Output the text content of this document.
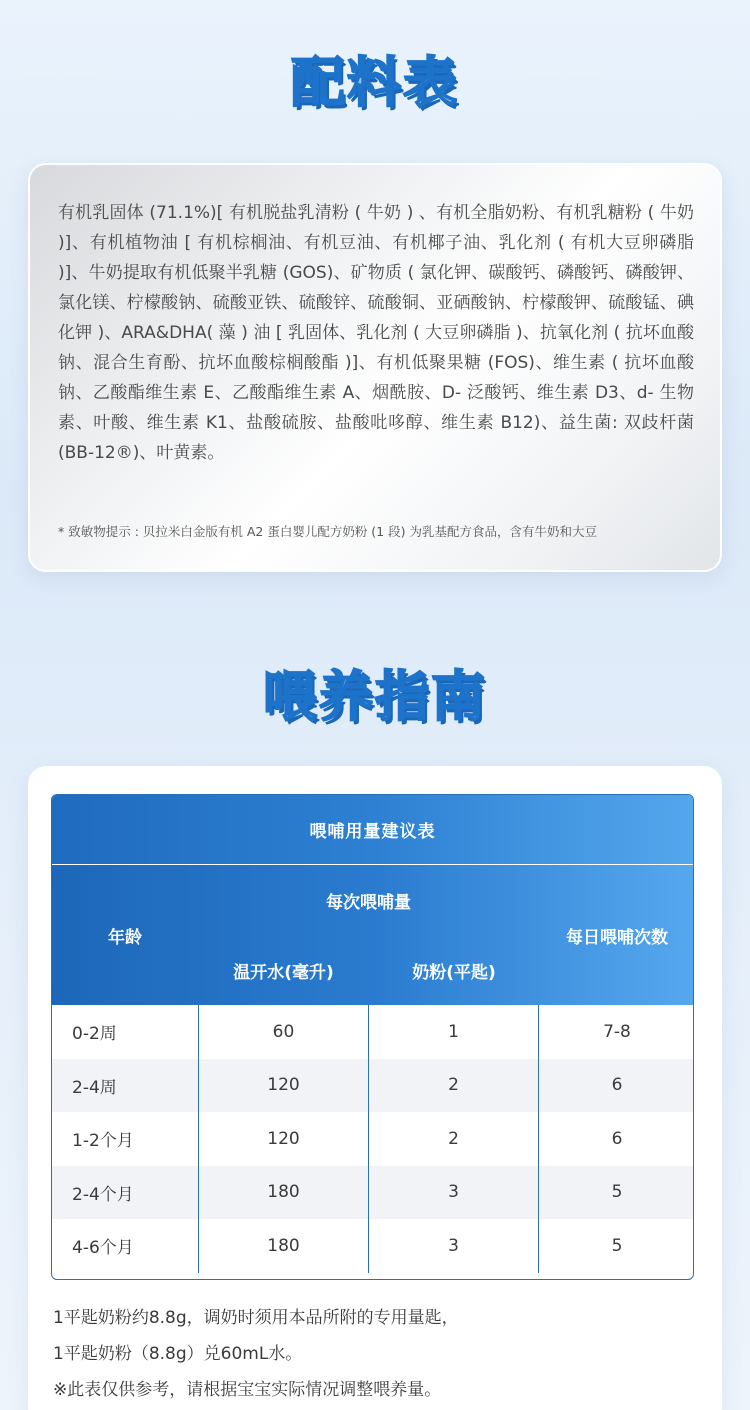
配料表

有机乳固体 (71.1%)[ 有机脱盐乳清粉 ( 牛奶 ) 、有机全脂奶粉、有机乳糖粉 ( 牛奶 )]、有机植物油 [ 有机棕榈油、有机豆油、有机椰子油、乳化剂 ( 有机大豆卵磷脂 )]、牛奶提取有机低聚半乳糖 (GOS)、矿物质 ( 氯化钾、碳酸钙、磷酸钙、磷酸钾、氯化镁、柠檬酸钠、硫酸亚铁、硫酸锌、硫酸铜、亚硒酸钠、柠檬酸钾、硫酸锰、碘化钾 )、ARA&DHA( 藻 ) 油 [ 乳固体、乳化剂 ( 大豆卵磷脂 )、抗氧化剂 ( 抗坏血酸钠、混合生育酚、抗坏血酸棕榈酸酯 )]、有机低聚果糖 (FOS)、维生素 ( 抗坏血酸钠、乙酸酯维生素 E、乙酸酯维生素 A、烟酰胺、D- 泛酸钙、维生素 D3、d- 生物素、叶酸、维生素 K1、盐酸硫胺、盐酸吡哆醇、维生素 B12)、益生菌: 双歧杆菌 (BB-12®)、叶黄素。

* 致敏物提示 : 贝拉米白金版有机 A2 蛋白婴儿配方奶粉 (1 段) 为乳基配方食品，含有牛奶和大豆

喂养指南
喂哺用量建议表
年龄
每次喂哺量
温开水(毫升)	奶粉(平匙)
每日喂哺次数
0-2周	60	1	7-8
2-4周	120	2	6
1-2个月	120	2	6
2-4个月	180	3	5
4-6个月	180	3	5

1平匙奶粉约8.8g，调奶时须用本品所附的专用量匙，

1平匙奶粉（8.8g）兑60mL水。

※此表仅供参考，请根据宝宝实际情况调整喂养量。
